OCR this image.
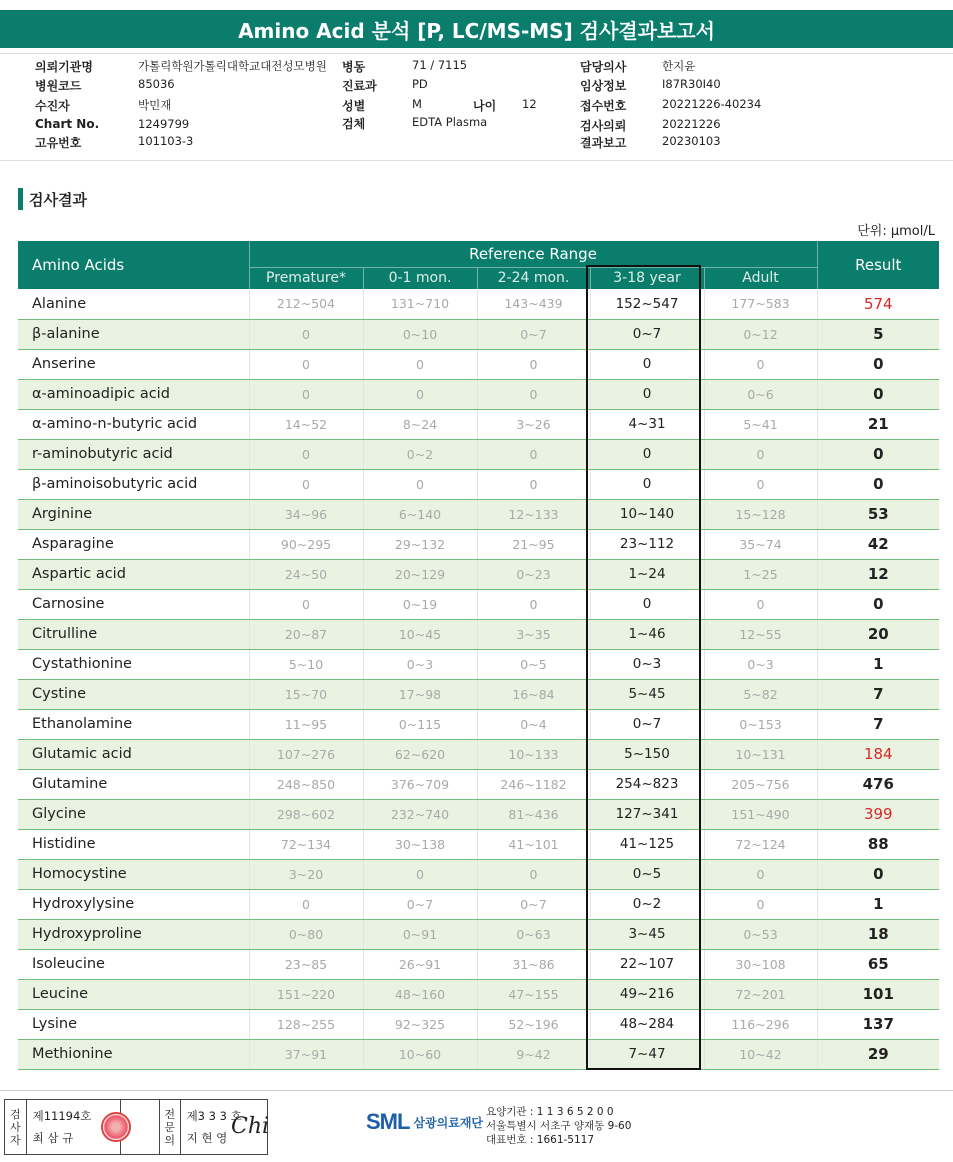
Amino Acid 분석 [P, LC/MS-MS] 검사결과보고서
의뢰기관명	가톨릭학원가톨릭대학교대전성모병원 병동	71 / 7115	담당의사	한지윤
병원코드	85036	진료과	PD	임상정보	I87R30I40
수진자	박민재	성별	M	나이 12	접수번호	20221226-40234
Chart No.	1249799	검체	EDTA Plasma	검사의뢰	20221226
고유번호	101103-3	결과보고	20230103
검사결과
단위: μmol/L
Amino Acids	Reference Range					Result
	Premature*	0-1 mon.	2-24 mon.	3-18 year	Adult	
Alanine	212~504	131~710	143~439	152~547	177~583	574
β-alanine	0	0~10	0~7	0~7	0~12	5
Anserine	0	0	0	0	0	0
α-aminoadipic acid	0	0	0	0	0~6	0
α-amino-n-butyric acid	14~52	8~24	3~26	4~31	5~41	21
r-aminobutyric acid	0	0~2	0	0	0	0
β-aminoisobutyric acid	0	0	0	0	0	0
Arginine	34~96	6~140	12~133	10~140	15~128	53
Asparagine	90~295	29~132	21~95	23~112	35~74	42
Aspartic acid	24~50	20~129	0~23	1~24	1~25	12
Carnosine	0	0~19	0	0	0	0
Citrulline	20~87	10~45	3~35	1~46	12~55	20
Cystathionine	5~10	0~3	0~5	0~3	0~3	1
Cystine	15~70	17~98	16~84	5~45	5~82	7
Ethanolamine	11~95	0~115	0~4	0~7	0~153	7
Glutamic acid	107~276	62~620	10~133	5~150	10~131	184
Glutamine	248~850	376~709	246~1182	254~823	205~756	476
Glycine	298~602	232~740	81~436	127~341	151~490	399
Histidine	72~134	30~138	41~101	41~125	72~124	88
Homocystine	3~20	0	0	0~5	0	0
Hydroxylysine	0	0~7	0~7	0~2	0	1
Hydroxyproline	0~80	0~91	0~63	3~45	0~53	18
Isoleucine	23~85	26~91	31~86	22~107	30~108	65
Leucine	151~220	48~160	47~155	49~216	72~201	101
Lysine	128~255	92~325	52~196	48~284	116~296	137
Methionine	37~91	10~60	9~42	7~47	10~42	29
검
사
자
제11194호
최 삼 규
전
문
의
제3 3 3 호
지 현 영 Chi	SML 삼광의료재단
요양기관 : 1 1 3 6 5 2 0 0
서울특별시 서초구 양재동 9-60
대표번호 : 1661-5117
